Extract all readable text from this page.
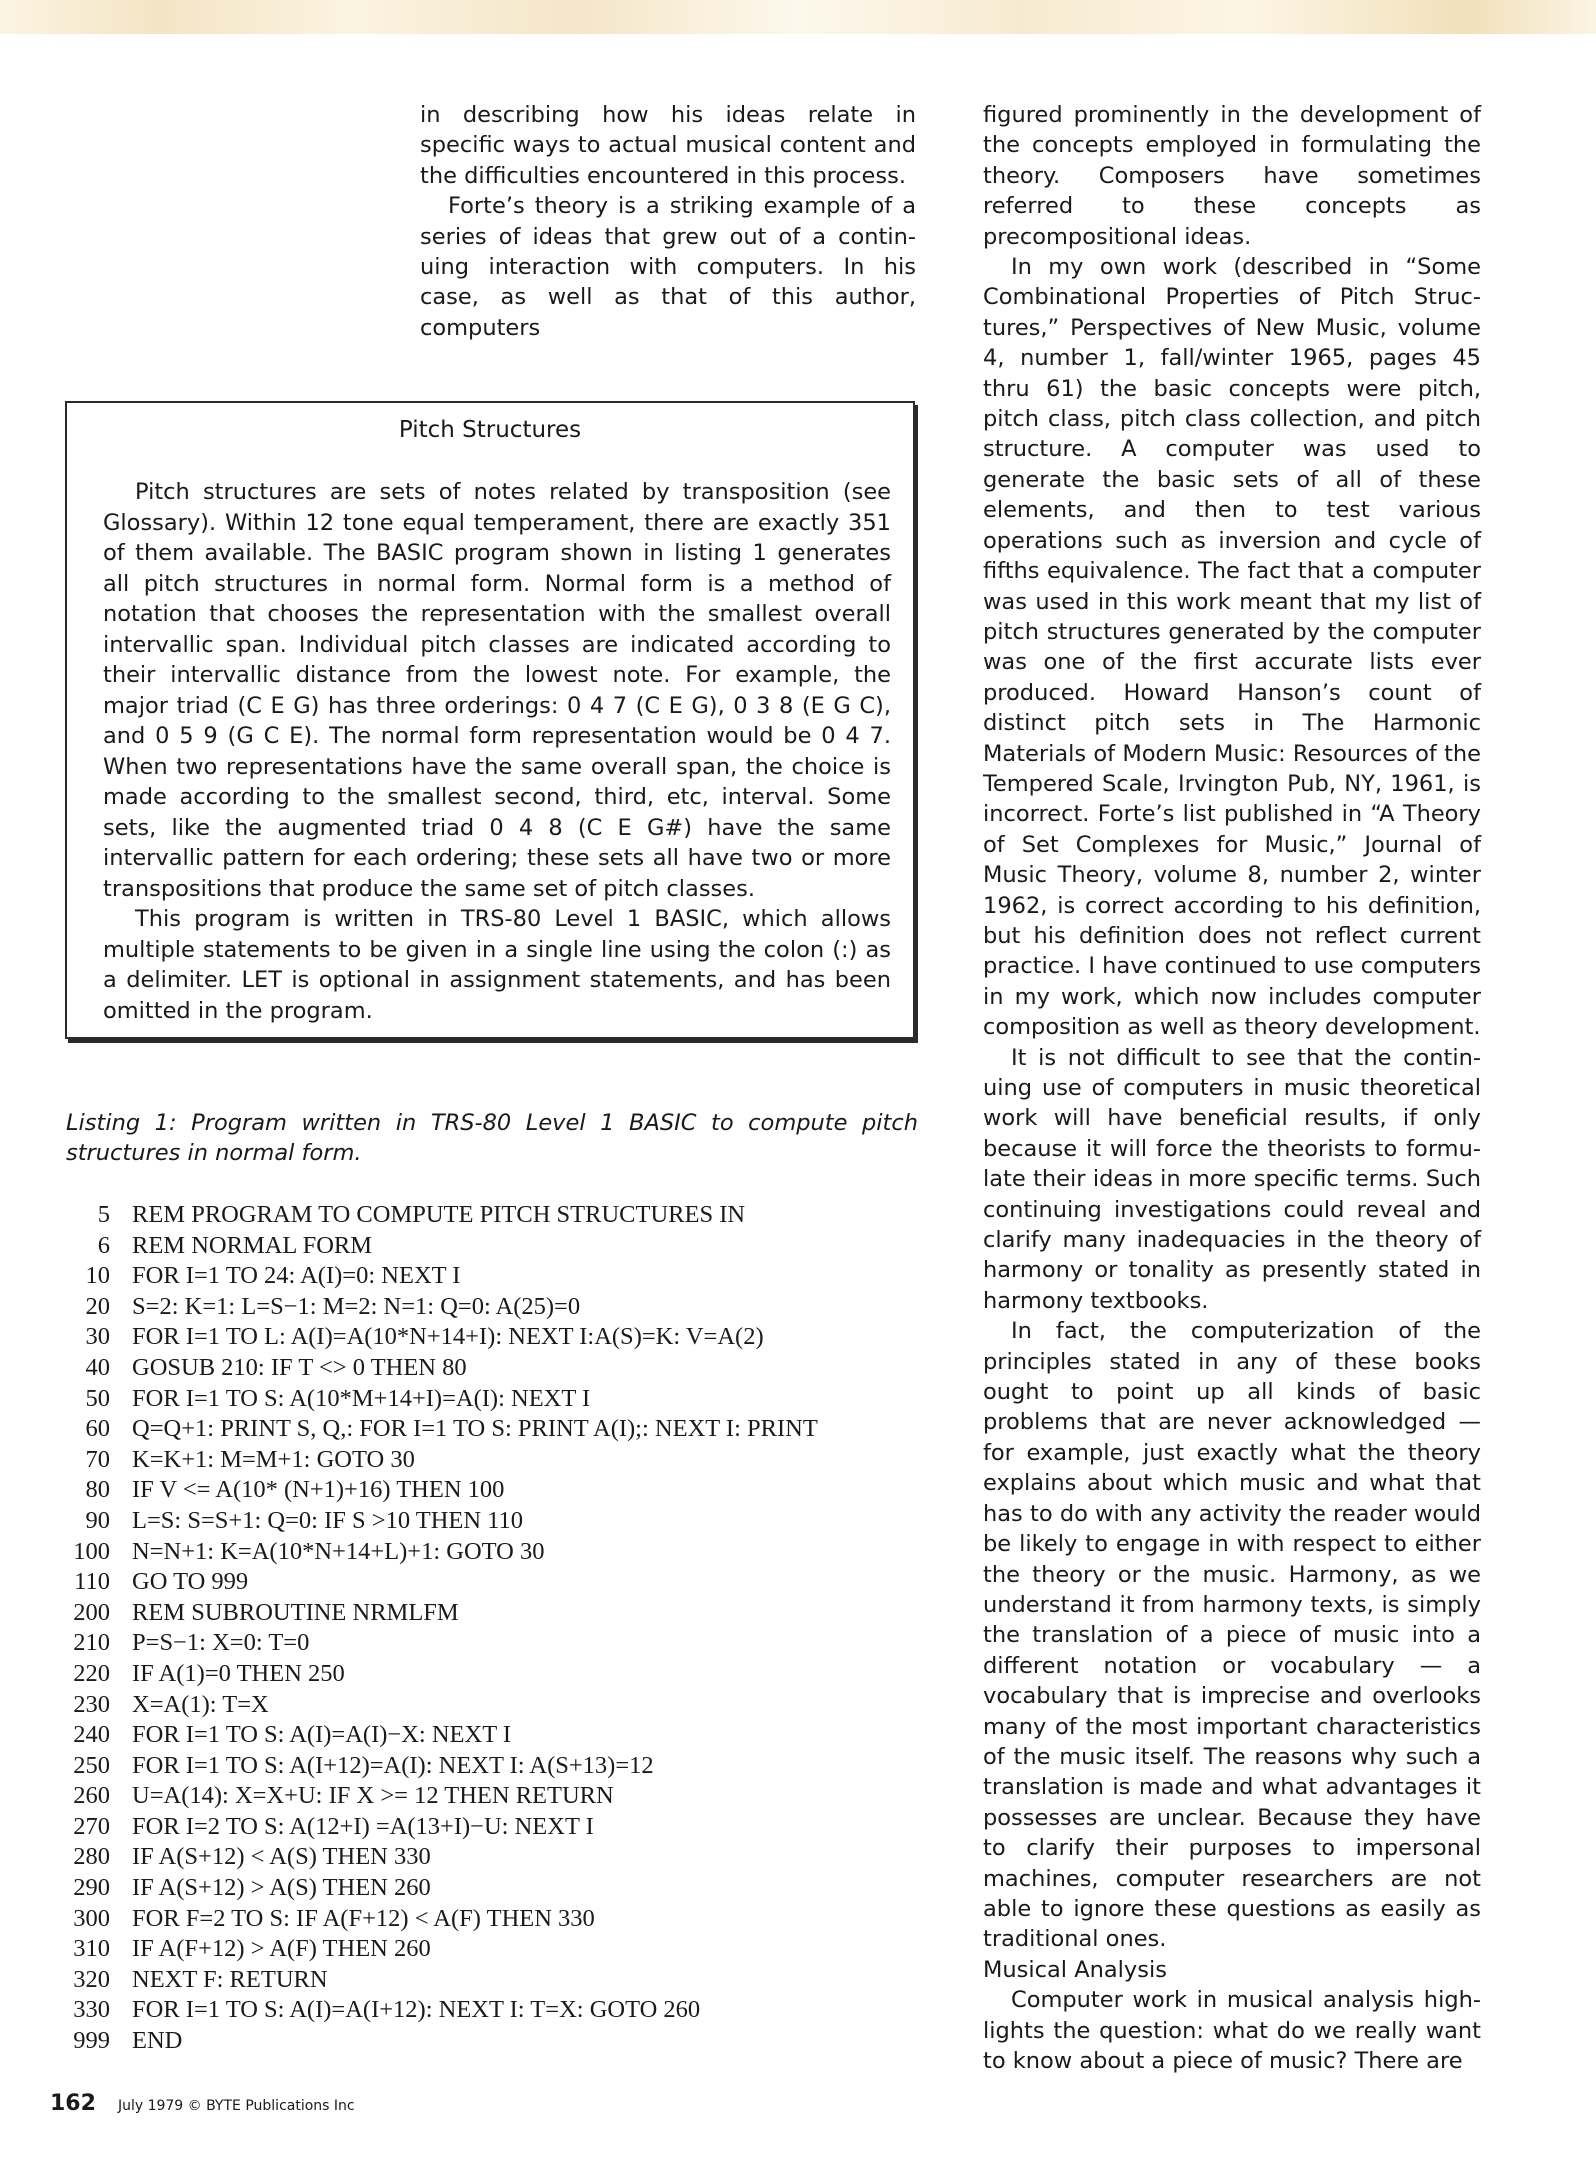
in describing how his ideas relate in specific ways to actual musical content and the difficulties encountered in this process.

Forte’s theory is a striking example of a series of ideas that grew out of a continuing interaction with computers. In his case, as well as that of this author, computers

Pitch Structures

Pitch structures are sets of notes related by transposition (see Glossary). Within 12 tone equal temperament, there are exactly 351 of them available. The BASIC program shown in listing 1 generates all pitch structures in normal form. Normal form is a method of notation that chooses the representation with the smallest overall intervallic span. Individual pitch classes are indicated according to their intervallic distance from the lowest note. For example, the major triad (C E G) has three orderings: 0 4 7 (C E G), 0 3 8 (E G C), and 0 5 9 (G C E). The normal form representation would be 0 4 7. When two representations have the same overall span, the choice is made according to the smallest second, third, etc, interval. Some sets, like the augmented triad 0 4 8 (C E G#) have the same intervallic pattern for each ordering; these sets all have two or more transpositions that produce the same set of pitch classes.

This program is written in TRS-80 Level 1 BASIC, which allows multiple statements to be given in a single line using the colon (:) as a delimiter. LET is optional in assignment statements, and has been omitted in the program.

Listing 1: Program written in TRS-80 Level 1 BASIC to compute pitch structures in normal form.
5 REM PROGRAM TO COMPUTE PITCH STRUCTURES IN
6 REM NORMAL FORM
10 FOR I=1 TO 24: A(I)=0: NEXT I
20 S=2: K=1: L=S−1: M=2: N=1: Q=0: A(25)=0
30 FOR I=1 TO L: A(I)=A(10*N+14+I): NEXT I:A(S)=K: V=A(2)
40 GOSUB 210: IF T <> 0 THEN 80
50 FOR I=1 TO S: A(10*M+14+I)=A(I): NEXT I
60 Q=Q+1: PRINT S, Q,: FOR I=1 TO S: PRINT A(I);: NEXT I: PRINT
70 K=K+1: M=M+1: GOTO 30
80 IF V <= A(10* (N+1)+16) THEN 100
90 L=S: S=S+1: Q=0: IF S >10 THEN 110
100 N=N+1: K=A(10*N+14+L)+1: GOTO 30
110 GO TO 999
200 REM SUBROUTINE NRMLFM
210 P=S−1: X=0: T=0
220 IF A(1)=0 THEN 250
230 X=A(1): T=X
240 FOR I=1 TO S: A(I)=A(I)−X: NEXT I
250 FOR I=1 TO S: A(I+12)=A(I): NEXT I: A(S+13)=12
260 U=A(14): X=X+U: IF X >= 12 THEN RETURN
270 FOR I=2 TO S: A(12+I) =A(13+I)−U: NEXT I
280 IF A(S+12) < A(S) THEN 330
290 IF A(S+12) > A(S) THEN 260
300 FOR F=2 TO S: IF A(F+12) < A(F) THEN 330
310 IF A(F+12) > A(F) THEN 260
320 NEXT F: RETURN
330 FOR I=1 TO S: A(I)=A(I+12): NEXT I: T=X: GOTO 260
999 END

figured prominently in the development of the concepts employed in formulating the theory. Composers have sometimes referred to these concepts as precompositional ideas.

In my own work (described in “Some Combinational Properties of Pitch Structures,” Perspectives of New Music, volume 4, number 1, fall/winter 1965, pages 45 thru 61) the basic concepts were pitch, pitch class, pitch class collection, and pitch structure. A computer was used to generate the basic sets of all of these elements, and then to test various operations such as inversion and cycle of fifths equivalence. The fact that a computer was used in this work meant that my list of pitch structures generated by the computer was one of the first accurate lists ever produced. Howard Hanson’s count of distinct pitch sets in The Harmonic Materials of Modern Music: Resources of the Tempered Scale, Irvington Pub, NY, 1961, is incorrect. Forte’s list published in “A Theory of Set Complexes for Music,” Journal of Music Theory, volume 8, number 2, winter 1962, is correct according to his definition, but his definition does not reflect current practice. I have continued to use computers in my work, which now includes computer composition as well as theory development.

It is not difficult to see that the continuing use of computers in music theoretical work will have beneficial results, if only because it will force the theorists to formulate their ideas in more specific terms. Such continuing investigations could reveal and clarify many inadequacies in the theory of harmony or tonality as presently stated in harmony textbooks.

In fact, the computerization of the principles stated in any of these books ought to point up all kinds of basic problems that are never acknowledged — for example, just exactly what the theory explains about which music and what that has to do with any activity the reader would be likely to engage in with respect to either the theory or the music. Harmony, as we understand it from harmony texts, is simply the translation of a piece of music into a different notation or vocabulary — a vocabulary that is imprecise and overlooks many of the most important characteristics of the music itself. The reasons why such a translation is made and what advantages it possesses are unclear. Because they have to clarify their purposes to impersonal machines, computer researchers are not able to ignore these questions as easily as traditional ones.

Musical Analysis

Computer work in musical analysis highlights the question: what do we really want to know about a piece of music? There are

162 July 1979 © BYTE Publications Inc
